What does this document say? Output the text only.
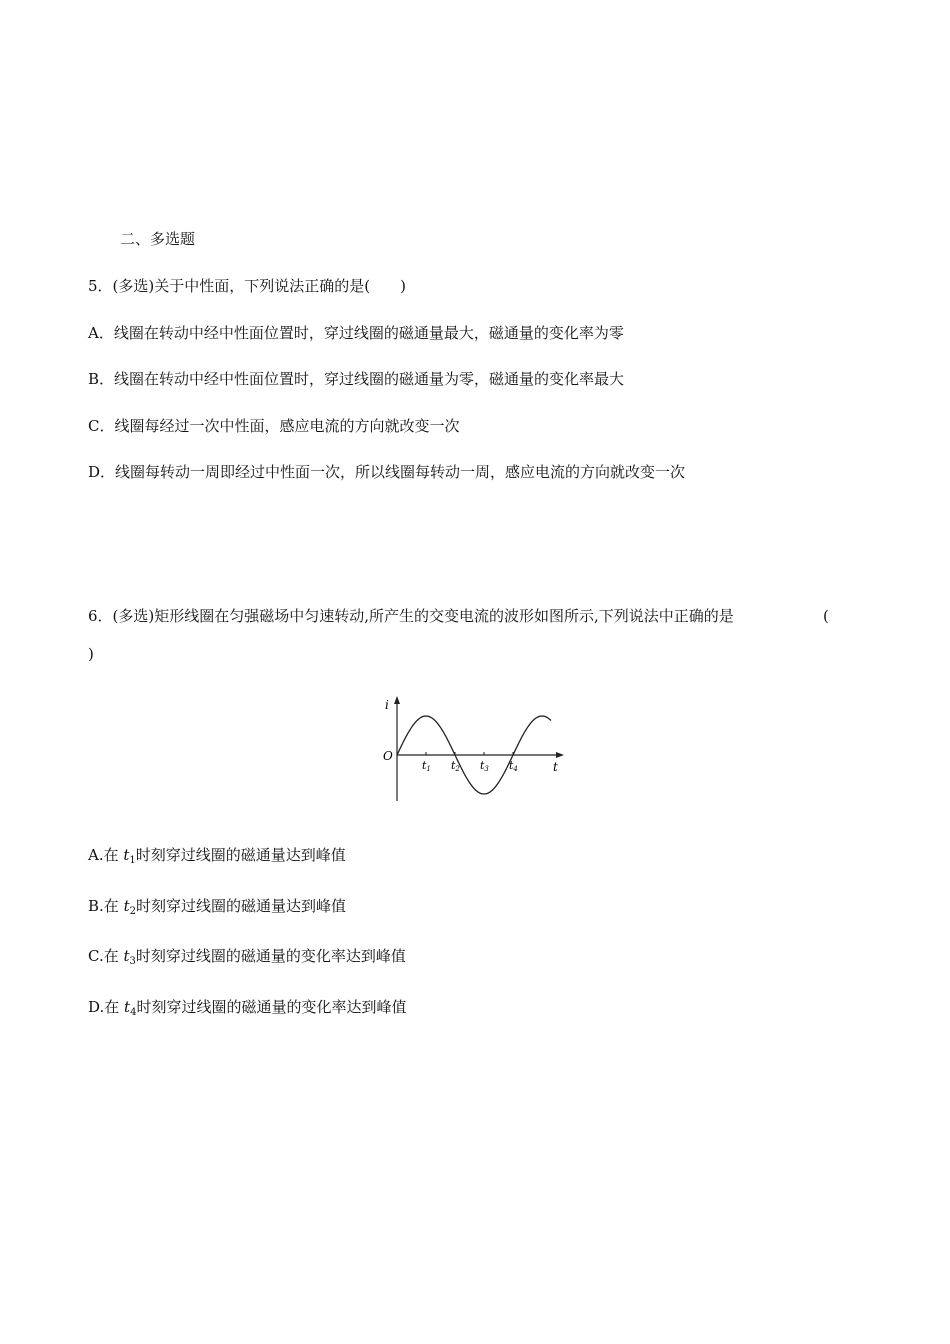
二、多选题
5．(多选)关于中性面，下列说法正确的是( )
A．线圈在转动中经中性面位置时，穿过线圈的磁通量最大，磁通量的变化率为零
B．线圈在转动中经中性面位置时，穿过线圈的磁通量为零，磁通量的变化率最大
C．线圈每经过一次中性面，感应电流的方向就改变一次
D．线圈每转动一周即经过中性面一次，所以线圈每转动一周，感应电流的方向就改变一次
6．(多选)矩形线圈在匀强磁场中匀速转动,所产生的交变电流的波形如图所示,下列说法中正确的是	(
)
i
t
O
t1 t2 t3 t4
A.在 $t_1$时刻穿过线圈的磁通量达到峰值
B.在 $t_2$时刻穿过线圈的磁通量达到峰值
C.在 $t_3$时刻穿过线圈的磁通量的变化率达到峰值
D.在 $t_4$时刻穿过线圈的磁通量的变化率达到峰值
